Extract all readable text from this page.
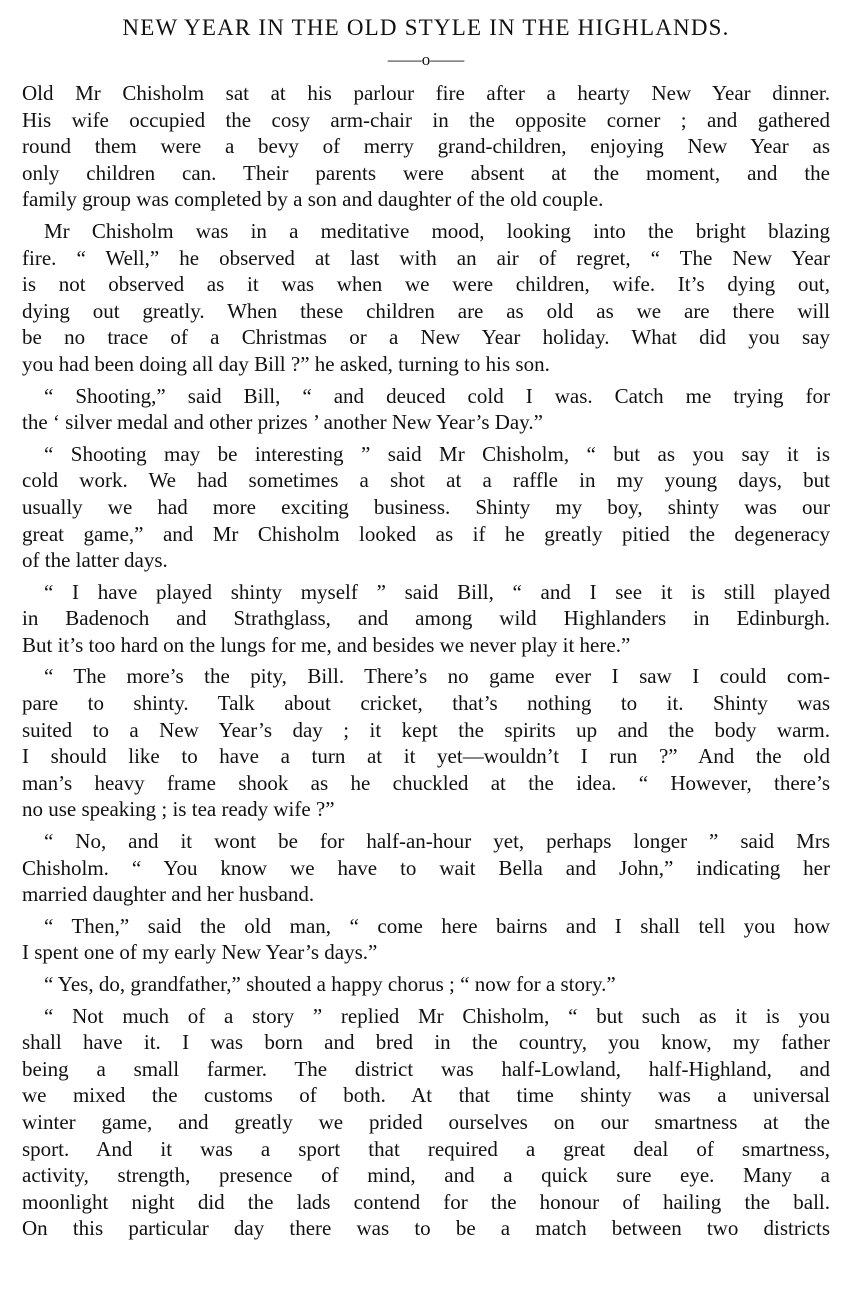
NEW YEAR IN THE OLD STYLE IN THE HIGHLANDS.
——o——
Old Mr Chisholm sat at his parlour fire after a hearty New Year dinner.
His wife occupied the cosy arm-chair in the opposite corner ; and gathered
round them were a bevy of merry grand-children, enjoying New Year as
only children can. Their parents were absent at the moment, and the
family group was completed by a son and daughter of the old couple.
Mr Chisholm was in a meditative mood, looking into the bright blazing
fire. “ Well,” he observed at last with an air of regret, “ The New Year
is not observed as it was when we were children, wife. It’s dying out,
dying out greatly. When these children are as old as we are there will
be no trace of a Christmas or a New Year holiday. What did you say
you had been doing all day Bill ?” he asked, turning to his son.
“ Shooting,” said Bill, “ and deuced cold I was. Catch me trying for
the ‘ silver medal and other prizes ’ another New Year’s Day.”
“ Shooting may be interesting ” said Mr Chisholm, “ but as you say it is
cold work. We had sometimes a shot at a raffle in my young days, but
usually we had more exciting business. Shinty my boy, shinty was our
great game,” and Mr Chisholm looked as if he greatly pitied the degeneracy
of the latter days.
“ I have played shinty myself ” said Bill, “ and I see it is still played
in Badenoch and Strathglass, and among wild Highlanders in Edinburgh.
But it’s too hard on the lungs for me, and besides we never play it here.”
“ The more’s the pity, Bill. There’s no game ever I saw I could com-
pare to shinty. Talk about cricket, that’s nothing to it. Shinty was
suited to a New Year’s day ; it kept the spirits up and the body warm.
I should like to have a turn at it yet—wouldn’t I run ?” And the old
man’s heavy frame shook as he chuckled at the idea. “ However, there’s
no use speaking ; is tea ready wife ?”
“ No, and it wont be for half-an-hour yet, perhaps longer ” said Mrs
Chisholm. “ You know we have to wait Bella and John,” indicating her
married daughter and her husband.
“ Then,” said the old man, “ come here bairns and I shall tell you how
I spent one of my early New Year’s days.”
“ Yes, do, grandfather,” shouted a happy chorus ; “ now for a story.”
“ Not much of a story ” replied Mr Chisholm, “ but such as it is you
shall have it. I was born and bred in the country, you know, my father
being a small farmer. The district was half-Lowland, half-Highland, and
we mixed the customs of both. At that time shinty was a universal
winter game, and greatly we prided ourselves on our smartness at the
sport. And it was a sport that required a great deal of smartness,
activity, strength, presence of mind, and a quick sure eye. Many a
moonlight night did the lads contend for the honour of hailing the ball.
On this particular day there was to be a match between two districts
